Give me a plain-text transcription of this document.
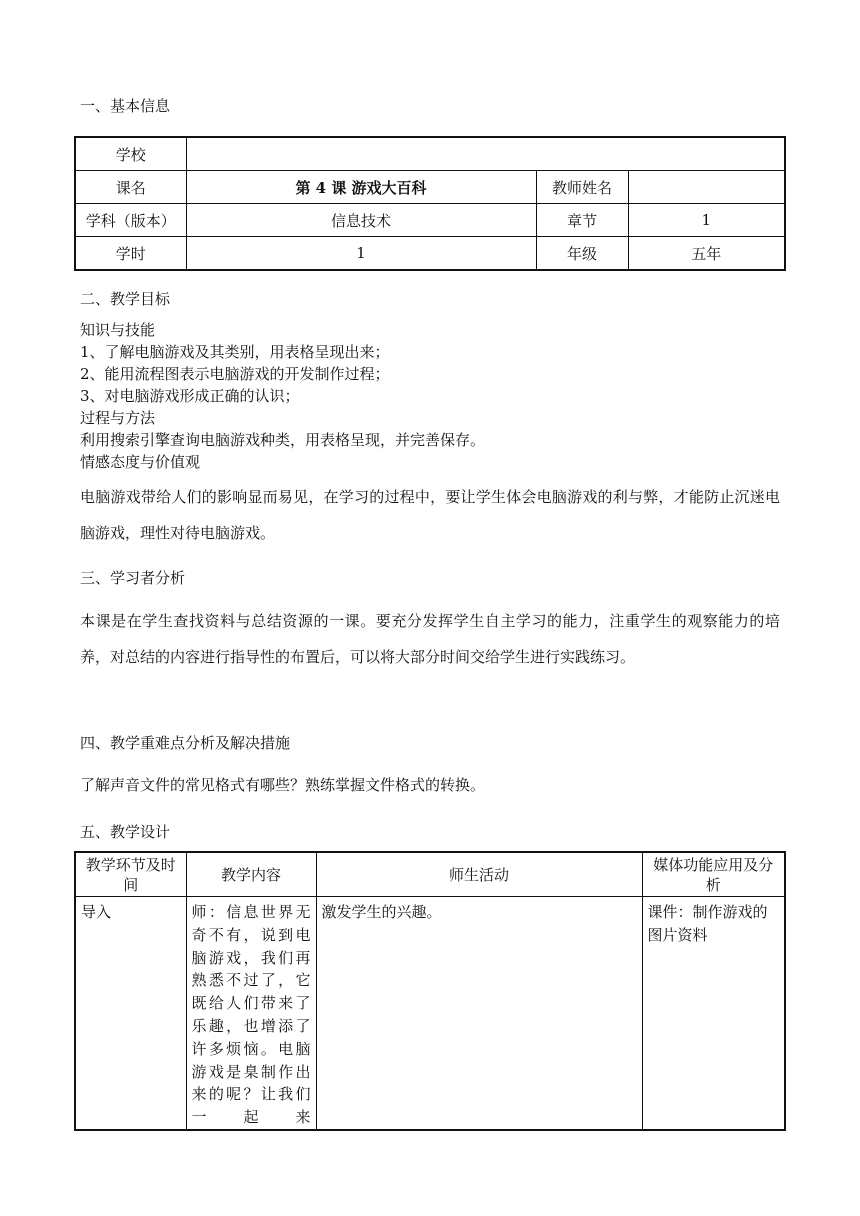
一、基本信息
学校			
课名	第 4 课 游戏大百科	教师姓名	
学科（版本）	信息技术	章节	1
学时	1	年级	五年
二、教学目标
知识与技能
1、了解电脑游戏及其类别，用表格呈现出来；
2、能用流程图表示电脑游戏的开发制作过程；
3、对电脑游戏形成正确的认识；
过程与方法
利用搜索引擎查询电脑游戏种类，用表格呈现，并完善保存。
情感态度与价值观
电脑游戏带给人们的影响显而易见，在学习的过程中，要让学生体会电脑游戏的利与弊，才能防止沉迷电脑游戏，理性对待电脑游戏。
三、学习者分析
本课是在学生查找资料与总结资源的一课。要充分发挥学生自主学习的能力，注重学生的观察能力的培养，对总结的内容进行指导性的布置后，可以将大部分时间交给学生进行实践练习。
四、教学重难点分析及解决措施
了解声音文件的常见格式有哪些？熟练掌握文件格式的转换。
五、教学设计
教学环节及时间	教学内容	师生活动	媒体功能应用及分析
导入	师：信息世界无奇不有，说到电脑游戏，我们再熟悉不过了，它既给人们带来了乐趣，也增添了许多烦恼。电脑游戏是臬制作出来的呢？让我们一起来	激发学生的兴趣。	课件：制作游戏的图片资料
